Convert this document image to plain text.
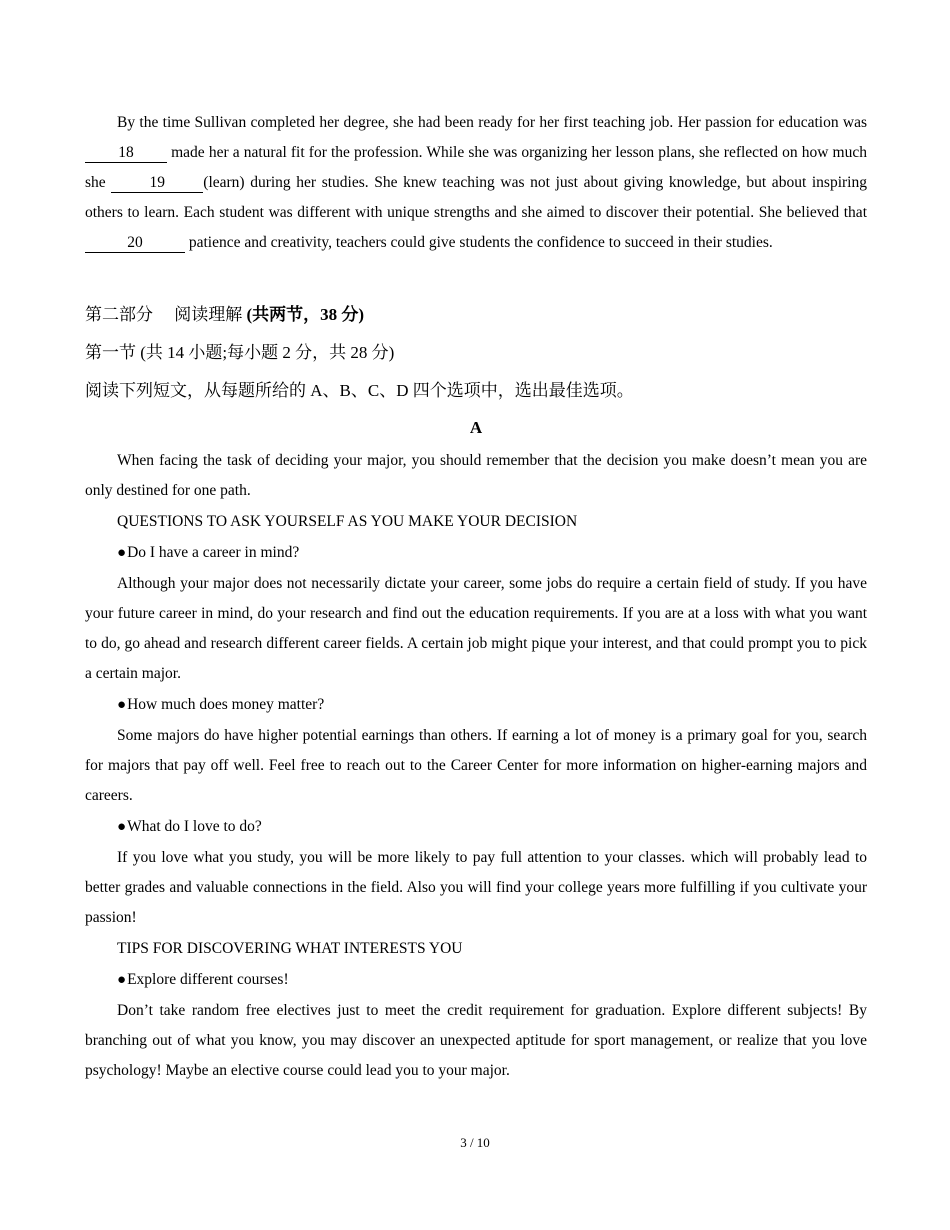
By the time Sullivan completed her degree, she had been ready for her first teaching job. Her passion for education was 18 made her a natural fit for the profession. While she was organizing her lesson plans, she reflected on how much she 19 (learn) during her studies. She knew teaching was not just about giving knowledge, but about inspiring others to learn. Each student was different with unique strengths and she aimed to discover their potential. She believed that 20	patience and creativity, teachers could give students the confidence to succeed in their studies.

第二部分　 阅读理解 (共两节，38 分)

第一节 (共 14 小题;每小题 2 分，共 28 分)

阅读下列短文，从每题所给的 A、B、C、D 四个选项中，选出最佳选项。

A

When facing the task of deciding your major, you should remember that the decision you make doesn’t mean you are only destined for one path.

QUESTIONS TO ASK YOURSELF AS YOU MAKE YOUR DECISION

●Do I have a career in mind?

Although your major does not necessarily dictate your career, some jobs do require a certain field of study. If you have your future career in mind, do your research and find out the education requirements. If you are at a loss with what you want to do, go ahead and research different career fields. A certain job might pique your interest, and that could prompt you to pick a certain major.

●How much does money matter?

Some majors do have higher potential earnings than others. If earning a lot of money is a primary goal for you, search for majors that pay off well. Feel free to reach out to the Career Center for more information on higher-earning majors and careers.

●What do I love to do?

If you love what you study, you will be more likely to pay full attention to your classes. which will probably lead to better grades and valuable connections in the field. Also you will find your college years more fulfilling if you cultivate your passion!

TIPS FOR DISCOVERING WHAT INTERESTS YOU

●Explore different courses!

Don’t take random free electives just to meet the credit requirement for graduation. Explore different subjects! By branching out of what you know, you may discover an unexpected aptitude for sport management, or realize that you love psychology! Maybe an elective course could lead you to your major.

3 / 10
